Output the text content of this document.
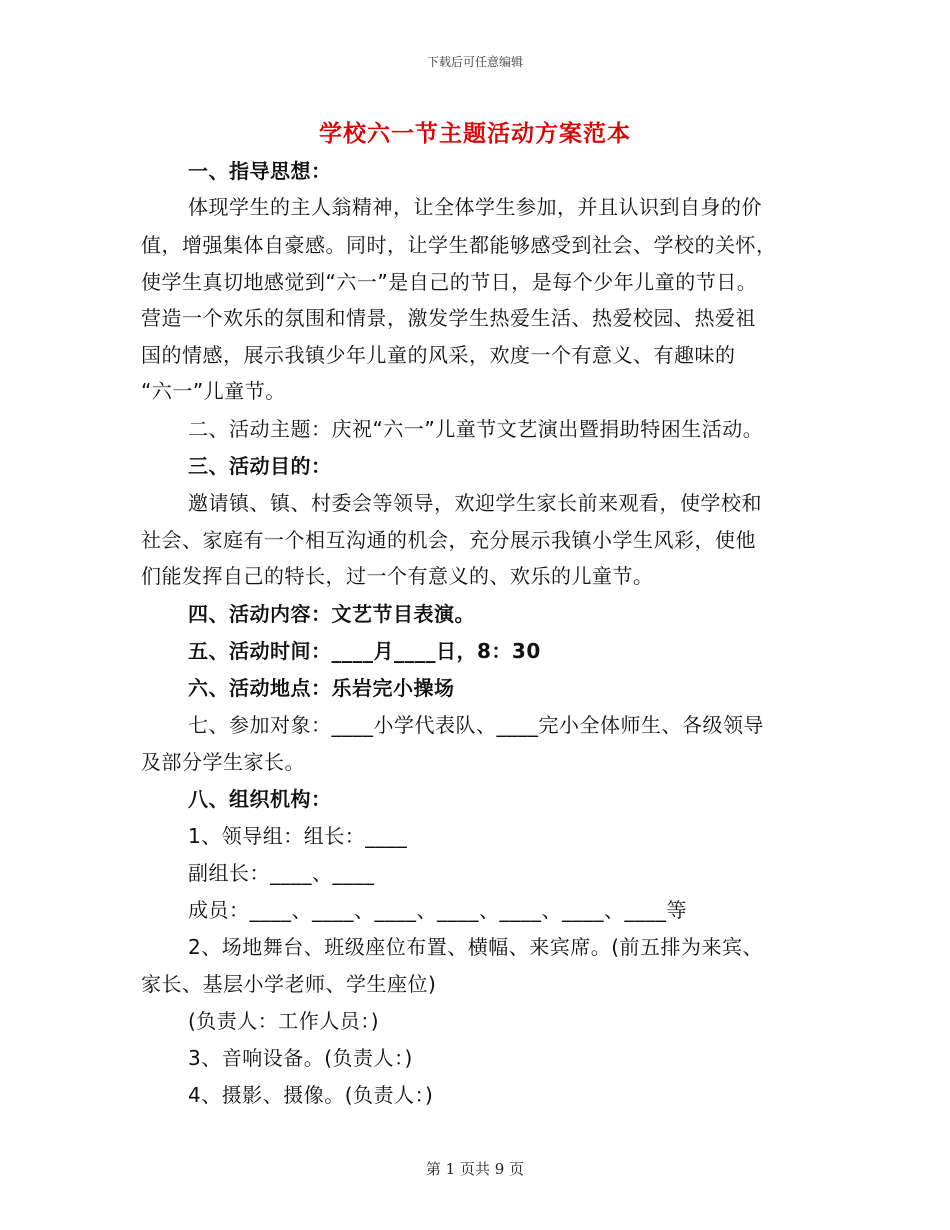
下载后可任意编辑
学校六一节主题活动方案范本
一、指导思想：
体现学生的主人翁精神，让全体学生参加，并且认识到自身的价
值，增强集体自豪感。同时，让学生都能够感受到社会、学校的关怀，
使学生真切地感觉到“六一”是自己的节日，是每个少年儿童的节日。
营造一个欢乐的氛围和情景，激发学生热爱生活、热爱校园、热爱祖
国的情感，展示我镇少年儿童的风采，欢度一个有意义、有趣味的
“六一”儿童节。
二、活动主题：庆祝“六一”儿童节文艺演出暨捐助特困生活动。
三、活动目的：
邀请镇、镇、村委会等领导，欢迎学生家长前来观看，使学校和
社会、家庭有一个相互沟通的机会，充分展示我镇小学生风彩，使他
们能发挥自己的特长，过一个有意义的、欢乐的儿童节。
四、活动内容：文艺节目表演。
五、活动时间：____月____日，8：30
六、活动地点：乐岩完小操场
七、参加对象：____小学代表队、____完小全体师生、各级领导
及部分学生家长。
八、组织机构：
1、领导组：组长：____
副组长：____、____
成员：____、____、____、____、____、____、____等
2、场地舞台、班级座位布置、横幅、来宾席。(前五排为来宾、
家长、基层小学老师、学生座位)
(负责人：工作人员：)
3、音响设备。(负责人：)
4、摄影、摄像。(负责人：)
第 1 页共 9 页
